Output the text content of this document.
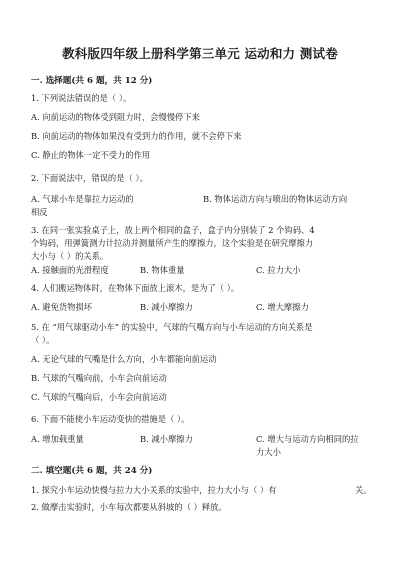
教科版四年级上册科学第三单元 运动和力 测试卷
一. 选择题(共 6 题，共 12 分)
1. 下列说法错误的是（ ）。
A. 向前运动的物体受到阻力时，会慢慢停下来
B. 向前运动的物体如果没有受到力的作用，就不会停下来
C. 静止的物体一定不受力的作用
2. 下面说法中，错误的是（ ）。
A. 气球小车是靠拉力运动的	B. 物体运动方向与喷出的物体运动方向
相反
3. 在同一张实验桌子上，放上两个相同的盒子，盒子内分别装了 2 个钩码、4
个钩码，用弹簧测力计拉动并测量所产生的摩擦力，这个实验是在研究摩擦力
大小与（ ）的关系。
A. 接触面的光滑程度	B. 物体重量	C. 拉力大小
4. 人们搬运物体时，在物体下面放上滚木，是为了（ ）。
A. 避免货物损坏	B. 减小摩擦力	C. 增大摩擦力
5. 在 “用气球驱动小车” 的实验中，气球的气嘴方向与小车运动的方向关系是
（ ）。
A. 无论气球的气嘴是什么方向，小车都能向前运动
B. 气球的气嘴向前，小车会向前运动
C. 气球的气嘴向后，小车会向前运动
6. 下面不能使小车运动变快的措施是（ ）。
A. 增加载重量	B. 减小摩擦力	C. 增大与运动方向相同的拉
力大小
二. 填空题(共 6 题，共 24 分)
1. 探究小车运动快慢与拉力大小关系的实验中，拉力大小与（ ）有	关。
2. 做摩击实验时，小车每次都要从斜坡的（ ）释放。
